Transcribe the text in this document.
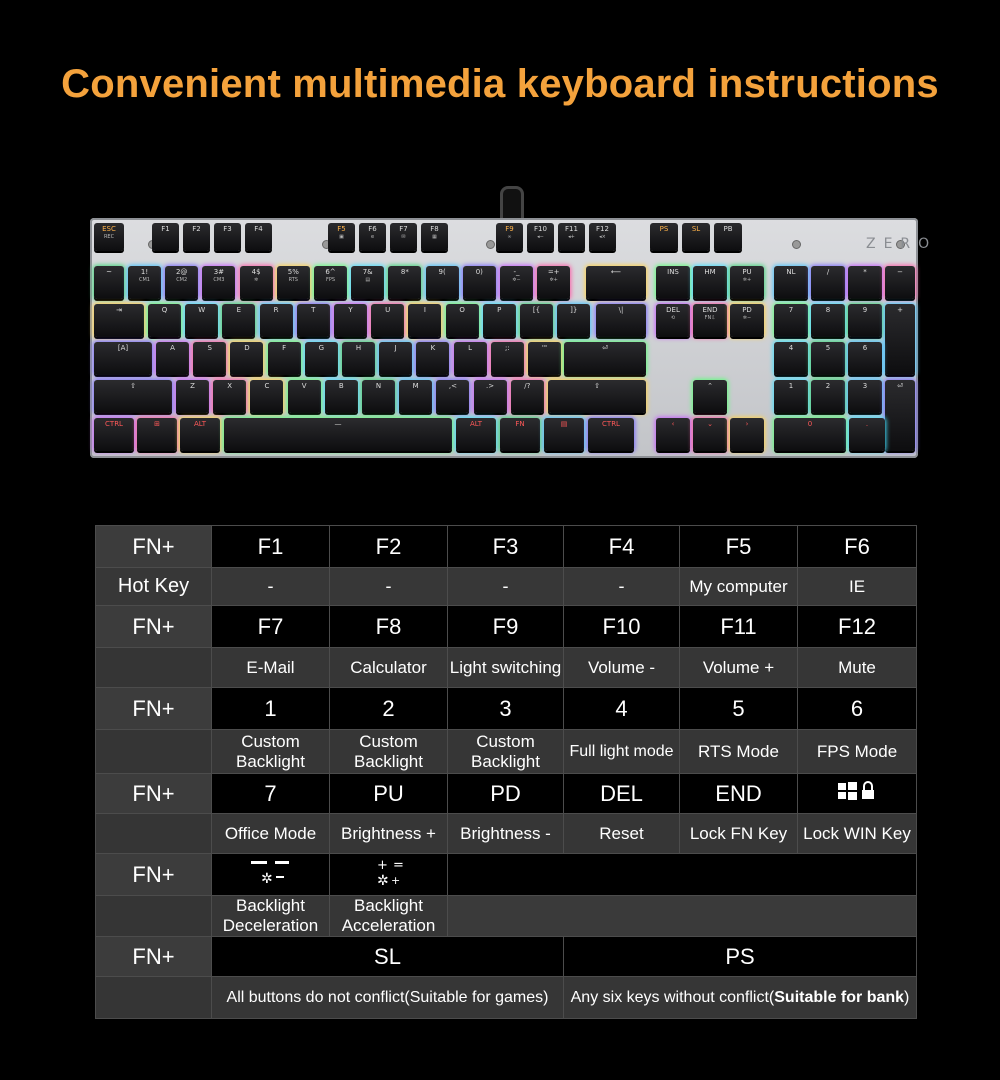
Convenient multimedia keyboard instructions
ZERO
ESC
REC
F1	F2	F3	F4	F5
▣
F6
e
F7
✉
F8
▦
F9
∞
F10
◂−
F11
◂+
F12
◂×
PS	SL	PB
~	1!
CM1
2@
CM2
3#
CM3
4$
✲
5%
RTS
6^
FPS
7&
▤
8*	9(	0)	-_
✲−
=+
✲+
⟵	INS	HM	PU
✲+
NL	/	*	−
⇥	Q	W	E	R	T	Y	U	I	O	P	[{	]}	\|	DEL
⟲
END
FN⇩
PD
✲−
7	8	9	+
[A]	A	S	D	F	G	H	J	K	L	;:	'"	⏎	4	5	6
⇧	Z	X	C	V	B	N	M	,<	.>	/?	⇧	⌃	1	2	3	⏎
CTRL	⊞	ALT	—	ALT	FN	▤	CTRL	‹	⌄	›	0	.
FN+	F1	F2	F3	F4	F5	F6
Hot Key	-	-	-	-	My computer	IE
FN+	F7	F8	F9	F10	F11	F12
	E-Mail	Calculator	Light switching	Volume -	Volume +	Mute
FN+	1	2	3	4	5	6
	Custom
Backlight	Custom
Backlight	Custom
Backlight	Full light mode	RTS Mode	FPS Mode
FN+	7	PU	PD	DEL	END	
	Office Mode	Brightness +	Brightness -	Reset	Lock FN Key	Lock WIN Key
FN+	✲	+ =
✲ +				

	Backlight
Deceleration	Backlight
Acceleration				
FN+	SL			PS		
	All buttons do not conflict(Suitable for games)			Any six keys without conflict(Suitable for bank)		
